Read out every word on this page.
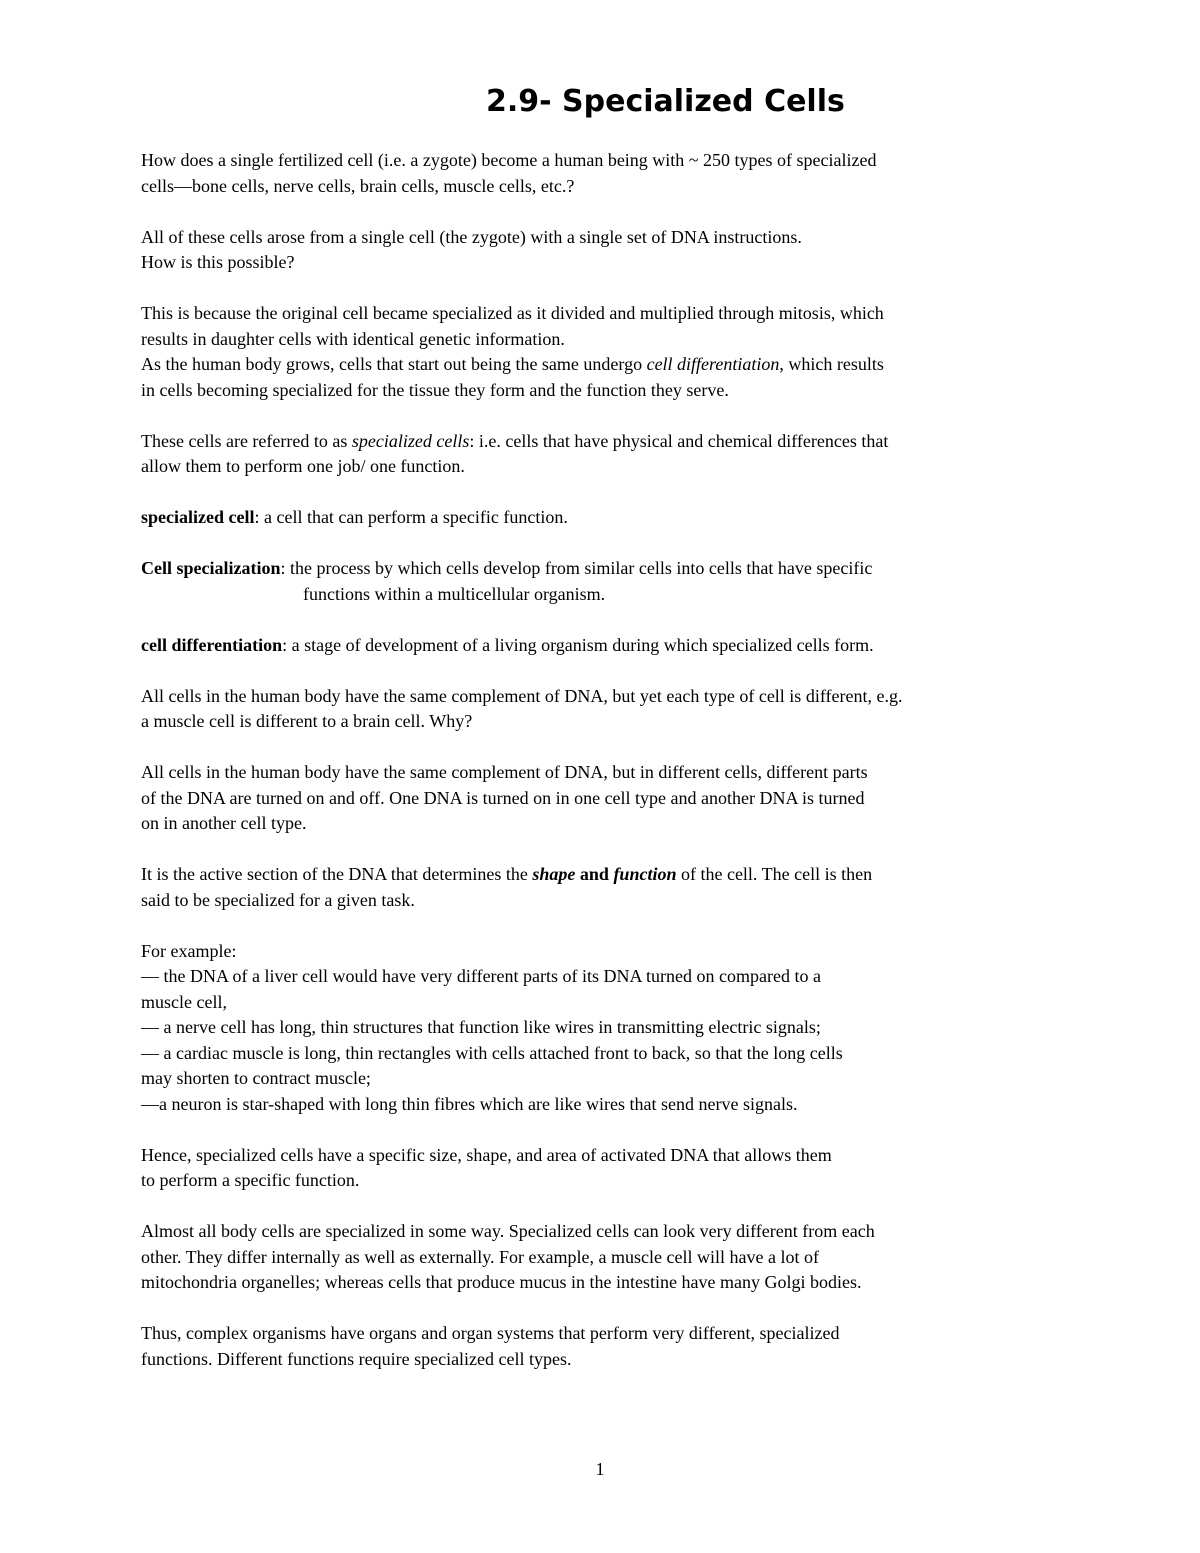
2.9- Specialized Cells
How does a single fertilized cell (i.e. a zygote) become a human being with ~ 250 types of specialized
cells—bone cells, nerve cells, brain cells, muscle cells, etc.?
All of these cells arose from a single cell (the zygote) with a single set of DNA instructions.
How is this possible?
This is because the original cell became specialized as it divided and multiplied through mitosis, which
results in daughter cells with identical genetic information.
As the human body grows, cells that start out being the same undergo cell differentiation, which results
in cells becoming specialized for the tissue they form and the function they serve.
These cells are referred to as specialized cells: i.e. cells that have physical and chemical differences that
allow them to perform one job/ one function.
specialized cell: a cell that can perform a specific function.
Cell specialization: the process by which cells develop from similar cells into cells that have specific
functions within a multicellular organism.
cell differentiation: a stage of development of a living organism during which specialized cells form.
All cells in the human body have the same complement of DNA, but yet each type of cell is different, e.g.
a muscle cell is different to a brain cell. Why?
All cells in the human body have the same complement of DNA, but in different cells, different parts
of the DNA are turned on and off. One DNA is turned on in one cell type and another DNA is turned
on in another cell type.
It is the active section of the DNA that determines the shape and function of the cell. The cell is then
said to be specialized for a given task.
For example:
— the DNA of a liver cell would have very different parts of its DNA turned on compared to a
muscle cell,
— a nerve cell has long, thin structures that function like wires in transmitting electric signals;
— a cardiac muscle is long, thin rectangles with cells attached front to back, so that the long cells
may shorten to contract muscle;
—a neuron is star-shaped with long thin fibres which are like wires that send nerve signals.
Hence, specialized cells have a specific size, shape, and area of activated DNA that allows them
to perform a specific function.
Almost all body cells are specialized in some way. Specialized cells can look very different from each
other. They differ internally as well as externally. For example, a muscle cell will have a lot of
mitochondria organelles; whereas cells that produce mucus in the intestine have many Golgi bodies.
Thus, complex organisms have organs and organ systems that perform very different, specialized
functions. Different functions require specialized cell types.
1
